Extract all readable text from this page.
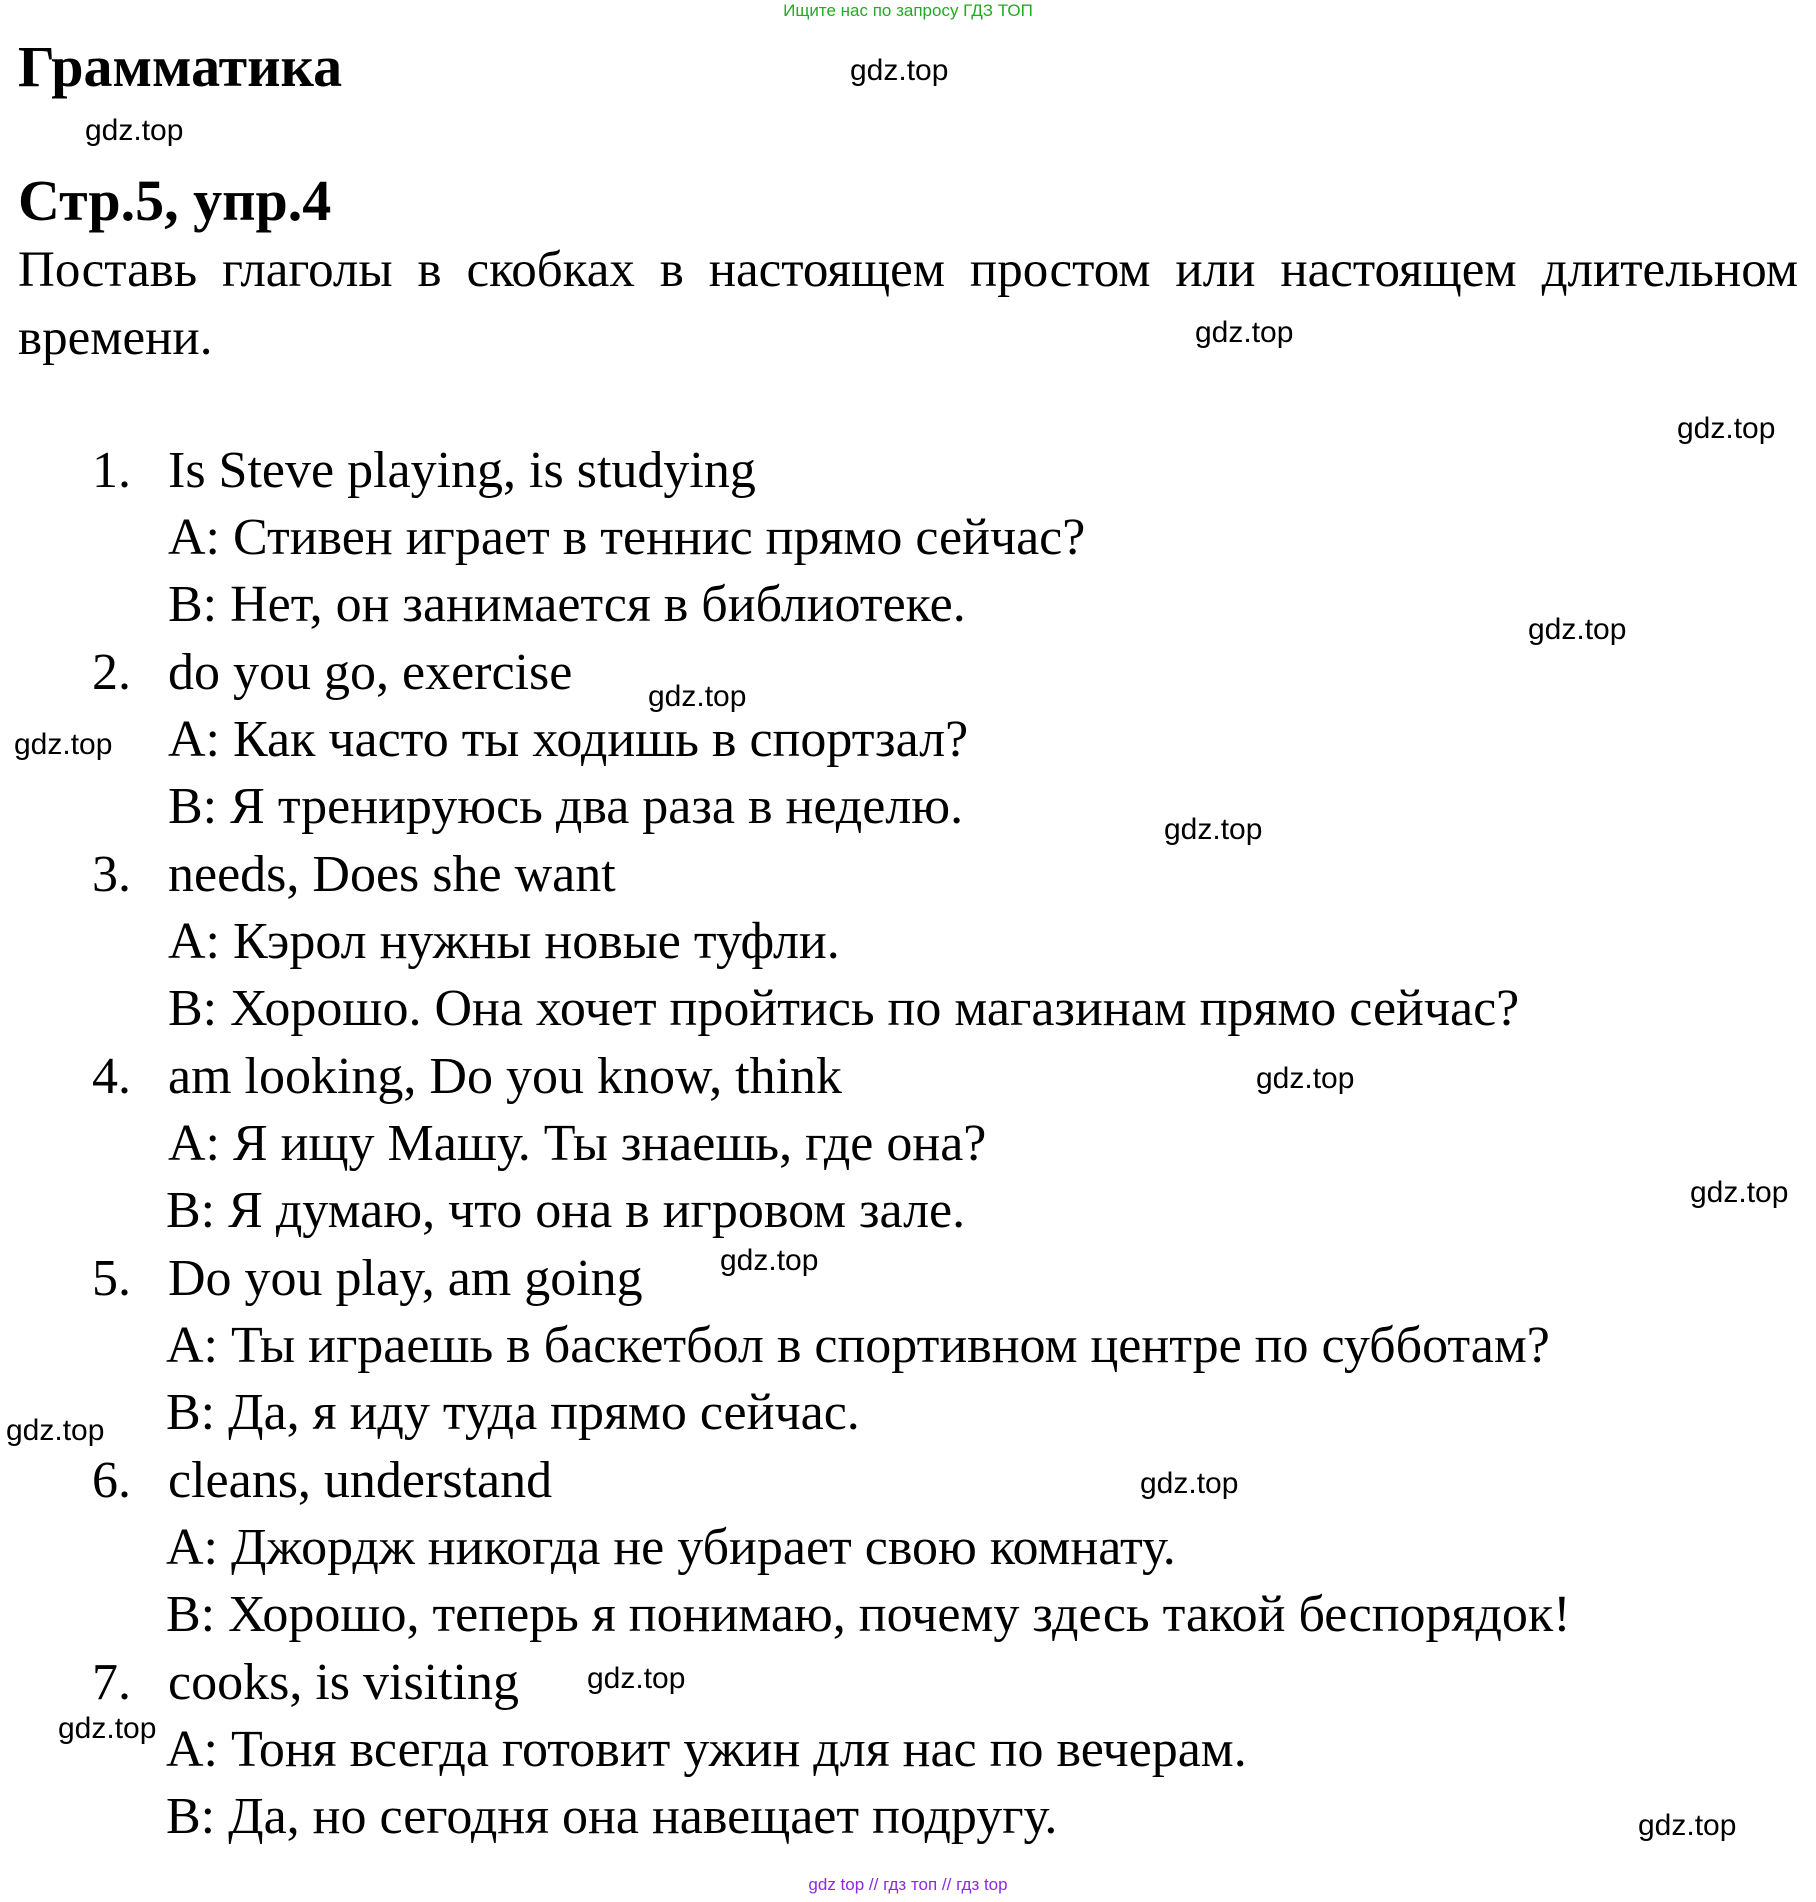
Ищите нас по запросу ГДЗ ТОП
Грамматика
Стр.5, упр.4

Поставь глаголы в скобках в настоящем простом или настоящем длительном времени.

1. Is Steve playing, is studying
A: Стивен играет в теннис прямо сейчас?
B: Нет, он занимается в библиотеке.
2. do you go, exercise
A: Как часто ты ходишь в спортзал?
B: Я тренируюсь два раза в неделю.
3. needs, Does she want
A: Кэрол нужны новые туфли.
B: Хорошо. Она хочет пройтись по магазинам прямо сейчас?
4. am looking, Do you know, think
A: Я ищу Машу. Ты знаешь, где она?
B: Я думаю, что она в игровом зале.
5. Do you play, am going
A: Ты играешь в баскетбол в спортивном центре по субботам?
B: Да, я иду туда прямо сейчас.
6. cleans, understand
A: Джордж никогда не убирает свою комнату.
B: Хорошо, теперь я понимаю, почему здесь такой беспорядок!
7. cooks, is visiting
A: Тоня всегда готовит ужин для нас по вечерам.
B: Да, но сегодня она навещает подругу.
gdz.top
gdz.top
gdz.top
gdz.top
gdz.top
gdz.top
gdz.top
gdz.top
gdz.top
gdz.top
gdz.top
gdz.top
gdz.top
gdz.top
gdz.top
gdz.top
gdz top // гдз топ // гдз top
